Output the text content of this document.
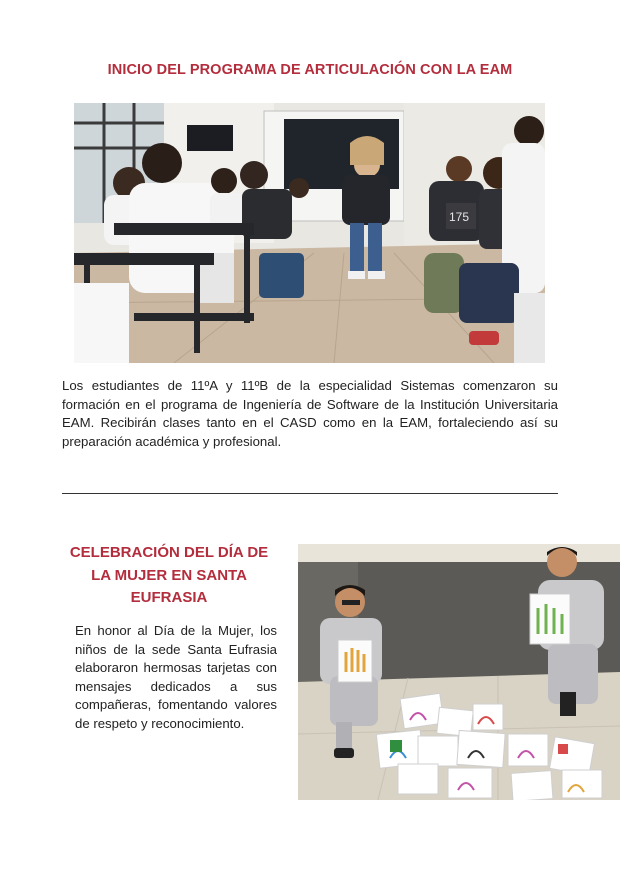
INICIO DEL PROGRAMA DE ARTICULACIÓN CON LA EAM
175
Los estudiantes de 11ºA y 11ºB de la especialidad Sistemas comenzaron su formación en el programa de Ingeniería de Software de la Institución Universitaria EAM. Recibirán clases tanto en el CASD como en la EAM, fortaleciendo así su preparación académica y profesional.
CELEBRACIÓN DEL DÍA DE LA MUJER EN SANTA EUFRASIA
En honor al Día de la Mujer, los niños de la sede Santa Eufrasia elaboraron hermosas tarjetas con mensajes dedicados a sus compañeras, fomentando valores de respeto y reconocimiento.
